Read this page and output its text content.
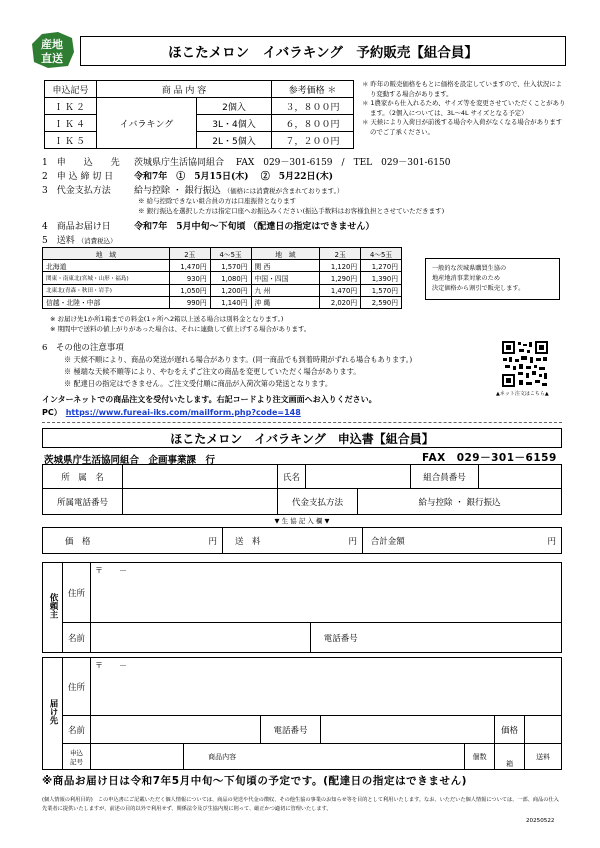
産地
直送	ほこたメロン　イバラキング　予約販売【組合員】
申込記号	商 品 内 容		参考価格 ＊
ＩＫ２	イバラキング	2個入	３，８００円
ＩＫ４		3L・4個入	６，８００円
ＩＫ５		2L・5個入	７，２００円
＊ 昨年の販売価格をもとに価格を設定していますので、仕入状況により変動する場合があります。
＊ 1農家から仕入れるため、サイズ等を変更させていただくことがあります。（2個入については、3L〜4L サイズとなる予定）
＊ 天候により入荷日が前後する場合や入荷がなくなる場合がありますのでご了承ください。
1　申　　込　　先 茨城県庁生活協同組合　 FAX　029－301-6159　/　TEL　029－301-6150
2　申 込 締 切 日 令和7年　①　5月15日(木)　 ②　5月22日(木)
3　代金支払方法	給与控除 ・ 銀行振込 （価格には消費税が含まれております。）
※ 給与控除できない組合員の方は口座振替となります
※ 銀行振込を選択した方は指定口座へお振込みください(振込手数料はお客様負担とさせていただきます)
4　商品お届け日	令和7年　5月中旬〜下旬頃 （配達日の指定はできません）
5　送料 （消費税込）
地　域	2玉	4〜5玉	地　域	2玉	4〜5玉
北海道	1,470円	1,570円	関 西	1,120円	1,270円
関東・南東北(宮城・山形・福島)	930円	1,080円	中国・四国	1,290円	1,390円
北東北(青森・秋田・岩手)	1,050円	1,200円	九 州	1,470円	1,570円
信越・北陸・中部	990円	1,140円	沖 縄	2,020円	2,590円
一般的な茨城県購買生協の
地産地消事業対象のため
決定価格から割引で販売します。
※ お届け先1か所1箱までの料金(1ヶ所へ2箱以上送る場合は別料金となります。)
※ 期間中で送料の値上がりがあった場合は、それに連動して値上げする場合があります。
6　その他の注意事項
※ 天候不順により、商品の発送が遅れる場合があります。(同一商品でも到着時期がずれる場合もあります。)
※ 極端な天候不順等により、やむをえずご注文の商品を変更していただく場合があります。
※ 配達日の指定はできません。ご注文受付順に商品が入荷次第の発送となります。
▲ネット注文はこちら▲
インターネットでの商品注文を受付いたします。右記コードより注文画面へお入りください。
PC）　 https://www.fureai-iks.com/mailform.php?code=148
ほこたメロン　イバラキング　申込書【組合員】
茨城県庁生活協同組合　企画事業課　行	FAX　029－301－6159
所　属　名		氏名		組合員番号	
所属電話番号		代金支払方法	給与控除 ・ 銀行振込
▼ 生 協 記 入 欄 ▼
価　格	円	送　料	円	合計金額	円
依頼主	住所	〒　　－		
	名前		電話番号	
届け先	住所	〒　　－						
	名前			電話番号			価格	
	申込記号		商品内容			個数	箱	送料
※商品お届け日は令和7年5月中旬〜下旬頃の予定です。(配達日の指定はできません)
(個人情報の利用目的)　この申込書にご記載いただく個人情報については、商品の発送や代金の徴収、その他生協の事業のお知らせ等を目的として利用いたします。なお、いただいた個人情報については、一部、商品の仕入先業者に提供いたしますが、前述の目的以外で利用せず、関係法令及び生協内規に則って、厳正かつ適切に管理いたします。
20250522
